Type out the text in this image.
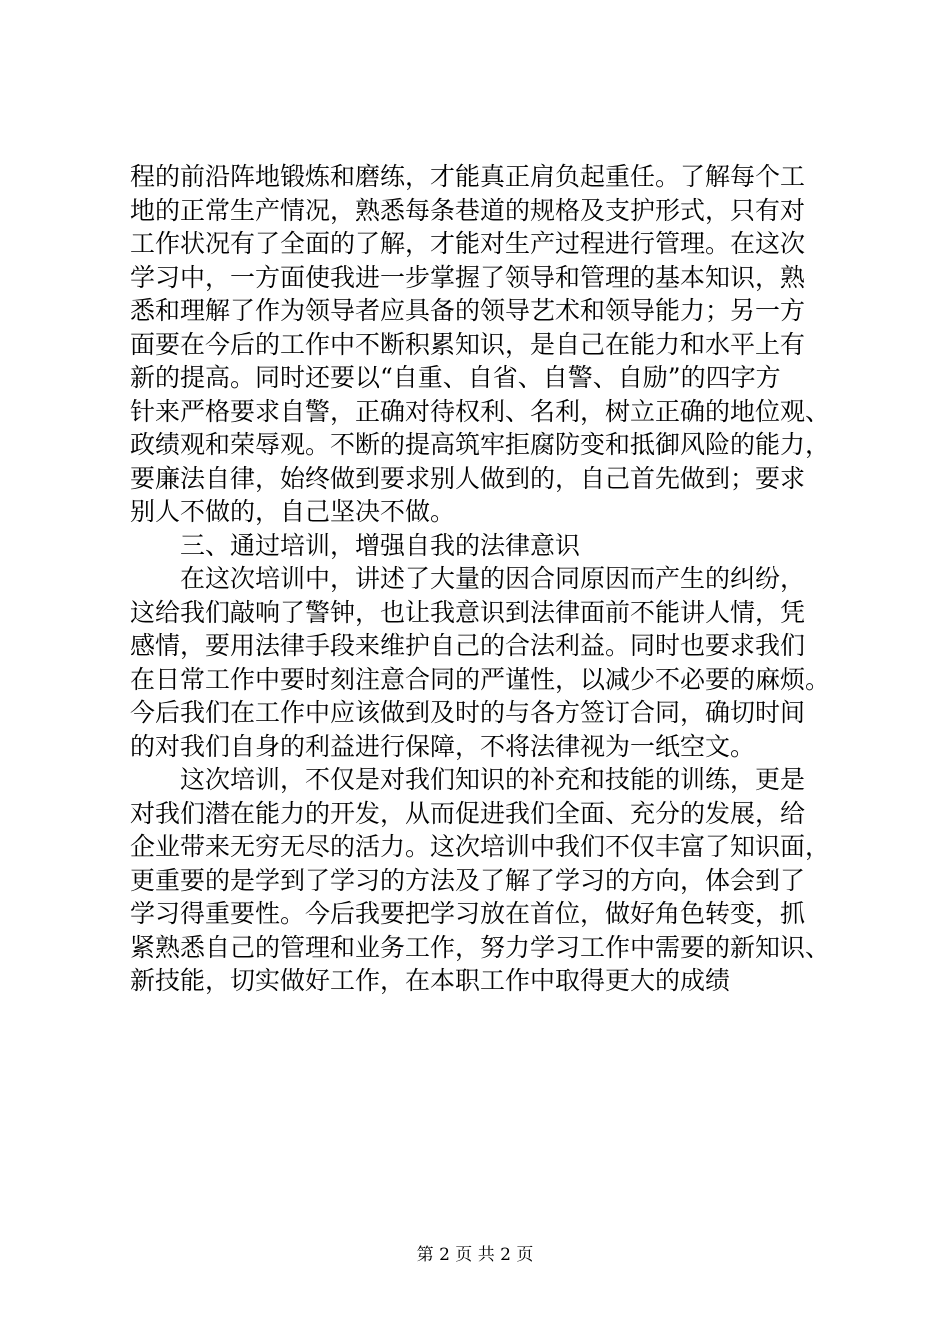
程的前沿阵地锻炼和磨练，才能真正肩负起重任。了解每个工
地的正常生产情况，熟悉每条巷道的规格及支护形式，只有对
工作状况有了全面的了解，才能对生产过程进行管理。在这次
学习中，一方面使我进一步掌握了领导和管理的基本知识，熟
悉和理解了作为领导者应具备的领导艺术和领导能力；另一方
面要在今后的工作中不断积累知识，是自己在能力和水平上有
新的提高。同时还要以“自重、自省、自警、自励”的四字方
针来严格要求自警，正确对待权利、名利，树立正确的地位观、
政绩观和荣辱观。不断的提高筑牢拒腐防变和抵御风险的能力，
要廉法自律，始终做到要求别人做到的，自己首先做到；要求
别人不做的，自己坚决不做。
三、通过培训，增强自我的法律意识
在这次培训中，讲述了大量的因合同原因而产生的纠纷，
这给我们敲响了警钟，也让我意识到法律面前不能讲人情，凭
感情，要用法律手段来维护自己的合法利益。同时也要求我们
在日常工作中要时刻注意合同的严谨性，以减少不必要的麻烦。
今后我们在工作中应该做到及时的与各方签订合同，确切时间
的对我们自身的利益进行保障，不将法律视为一纸空文。
这次培训，不仅是对我们知识的补充和技能的训练，更是
对我们潜在能力的开发，从而促进我们全面、充分的发展，给
企业带来无穷无尽的活力。这次培训中我们不仅丰富了知识面，
更重要的是学到了学习的方法及了解了学习的方向，体会到了
学习得重要性。今后我要把学习放在首位，做好角色转变，抓
紧熟悉自己的管理和业务工作，努力学习工作中需要的新知识、
新技能，切实做好工作，在本职工作中取得更大的成绩
第 2 页 共 2 页
